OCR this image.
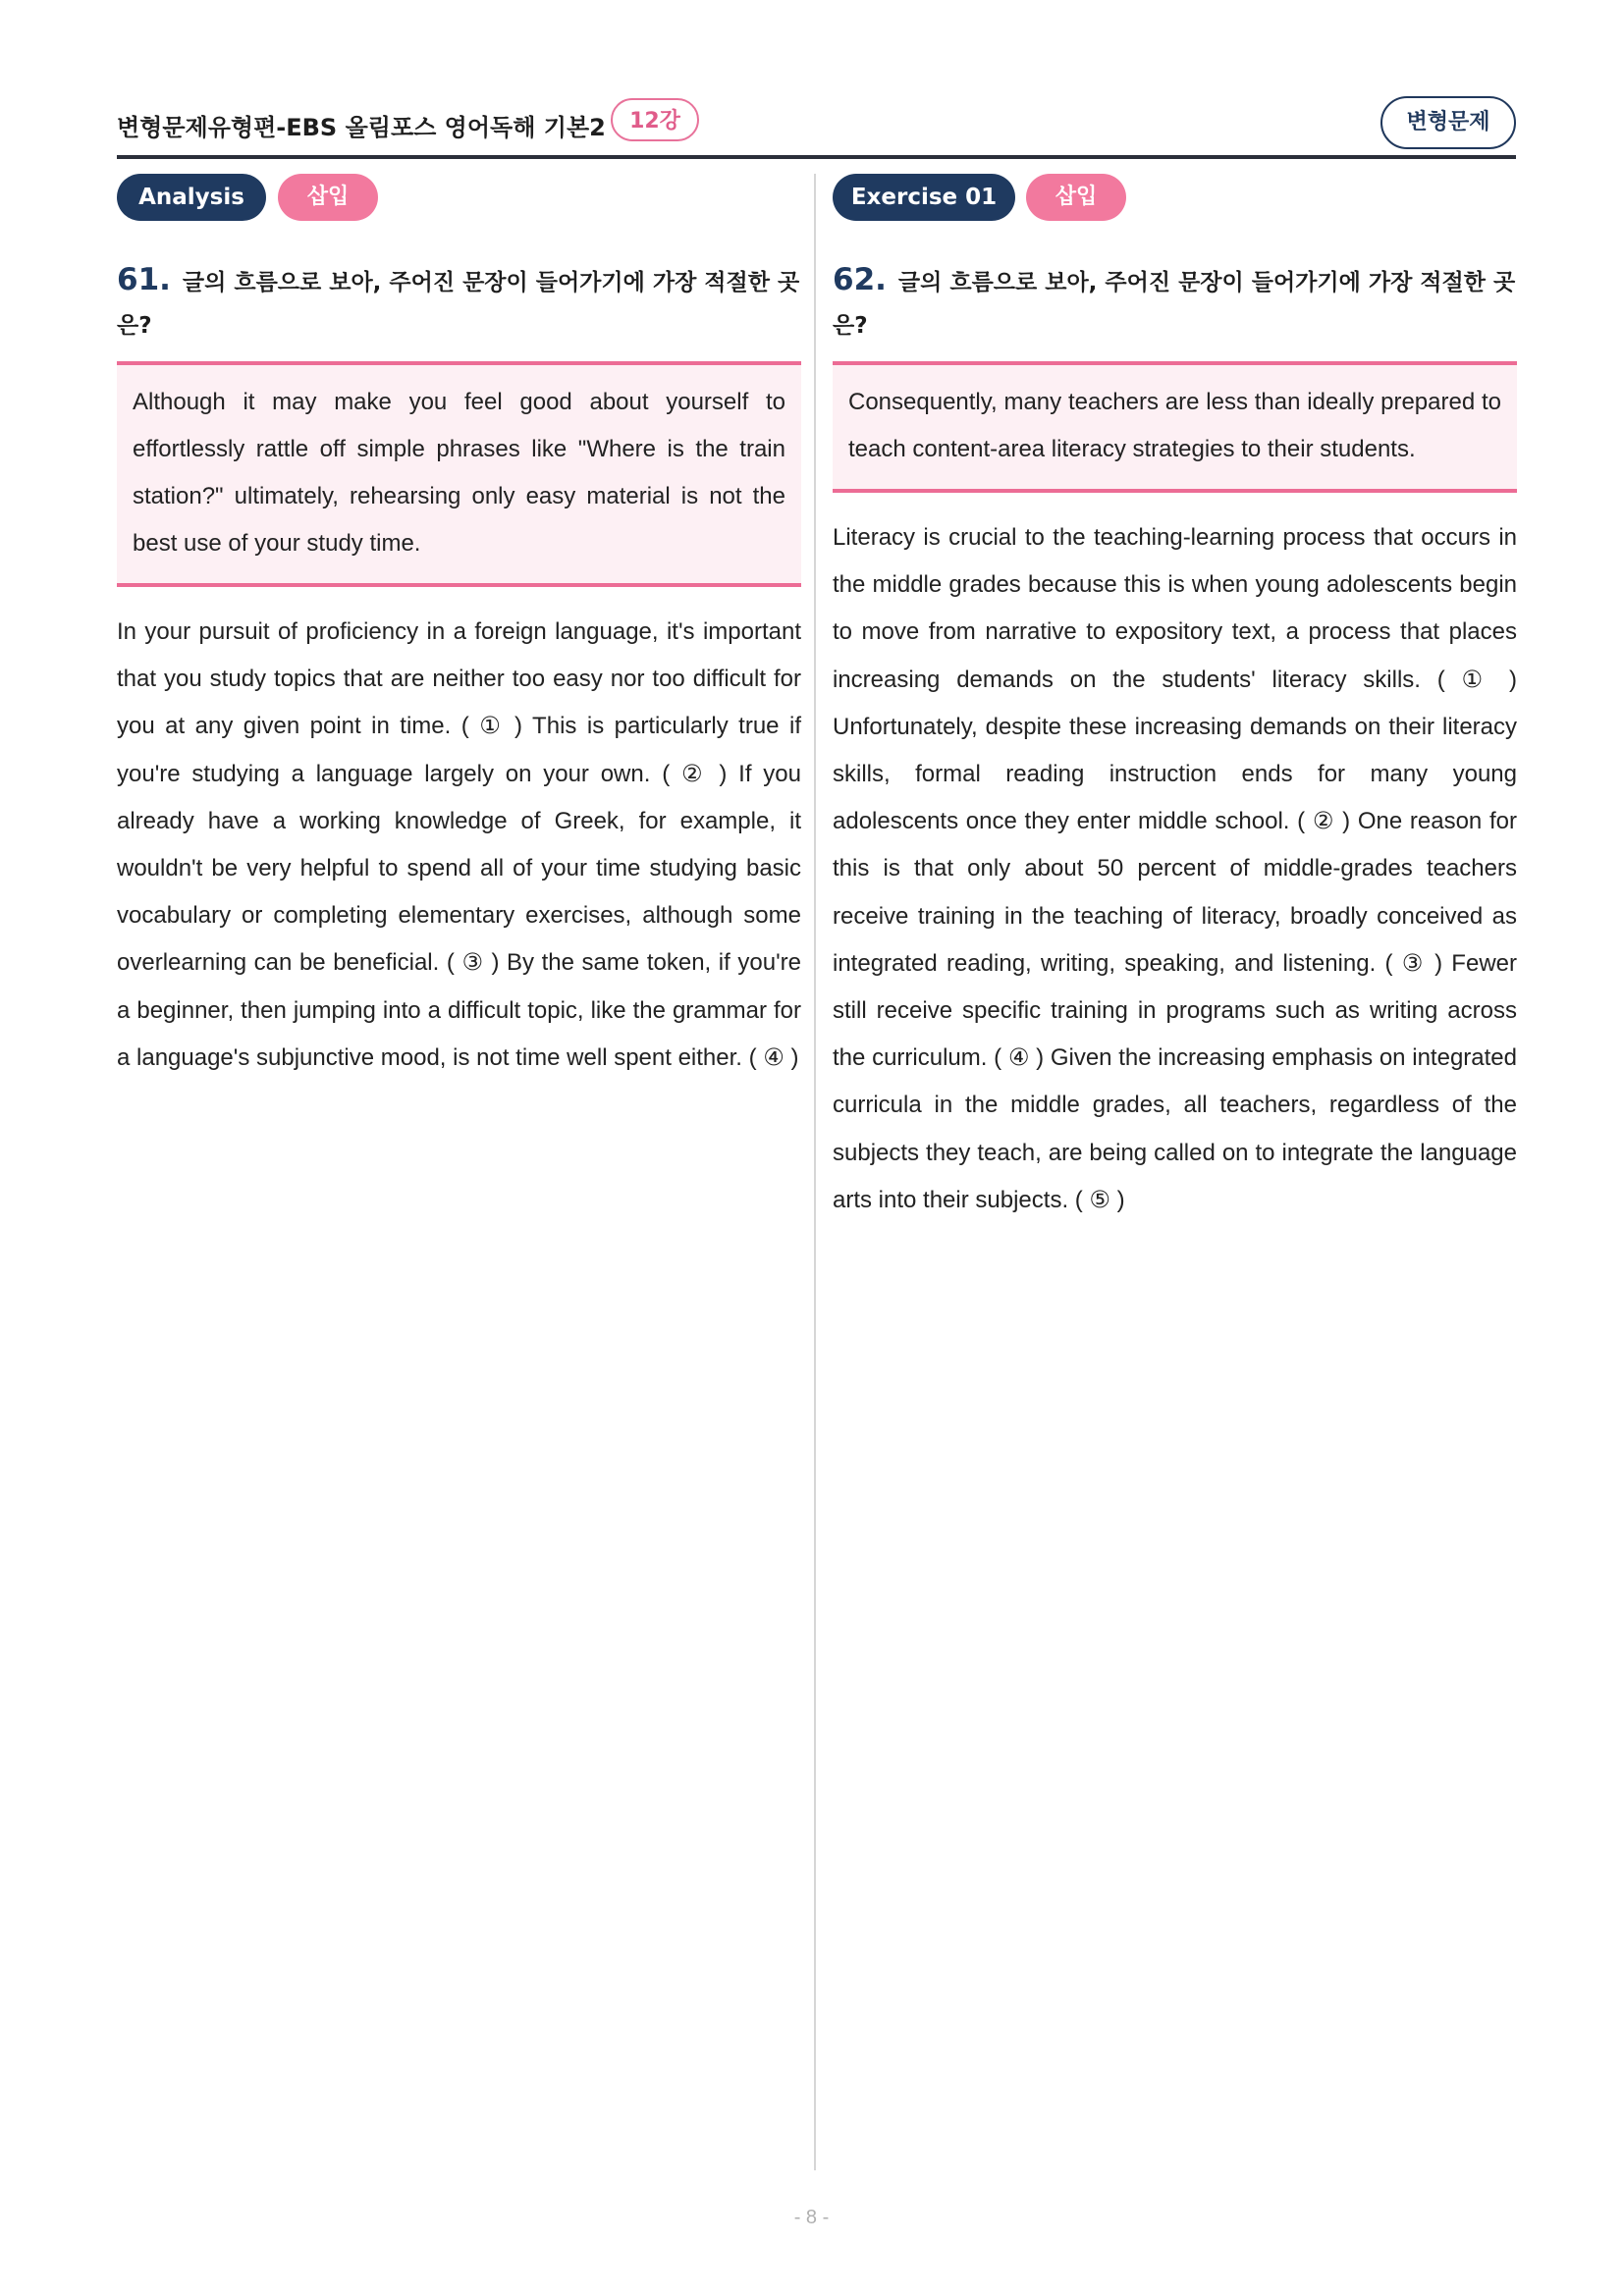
변형문제유형편-EBS 올림포스 영어독해 기본2	12강	변형문제
Analysis	삽입
61. 글의 흐름으로 보아, 주어진 문장이 들어가기에 가장 적절한 곳은?
Although it may make you feel good about yourself to effortlessly rattle off simple phrases like "Where is the train station?" ultimately, rehearsing only easy material is not the best use of your study time.
In your pursuit of proficiency in a foreign language, it's important that you study topics that are neither too easy nor too difficult for you at any given point in time. ( ① ) This is particularly true if you're studying a language largely on your own. ( ② ) If you already have a working knowledge of Greek, for example, it wouldn't be very helpful to spend all of your time studying basic vocabulary or completing elementary exercises, although some overlearning can be beneficial. ( ③ ) By the same token, if you're a beginner, then jumping into a difficult topic, like the grammar for a language's subjunctive mood, is not time well spent either. ( ④ )
Exercise 01	삽입
62. 글의 흐름으로 보아, 주어진 문장이 들어가기에 가장 적절한 곳은?
Consequently, many teachers are less than ideally prepared to teach content-area literacy strategies to their students.
Literacy is crucial to the teaching-learning process that occurs in the middle grades because this is when young adolescents begin to move from narrative to expository text, a process that places increasing demands on the students' literacy skills. ( ① ) Unfortunately, despite these increasing demands on their literacy skills, formal reading instruction ends for many young adolescents once they enter middle school. ( ② ) One reason for this is that only about 50 percent of middle-grades teachers receive training in the teaching of literacy, broadly conceived as integrated reading, writing, speaking, and listening. ( ③ ) Fewer still receive specific training in programs such as writing across the curriculum. ( ④ ) Given the increasing emphasis on integrated curricula in the middle grades, all teachers, regardless of the subjects they teach, are being called on to integrate the language arts into their subjects. ( ⑤ )
- 8 -
